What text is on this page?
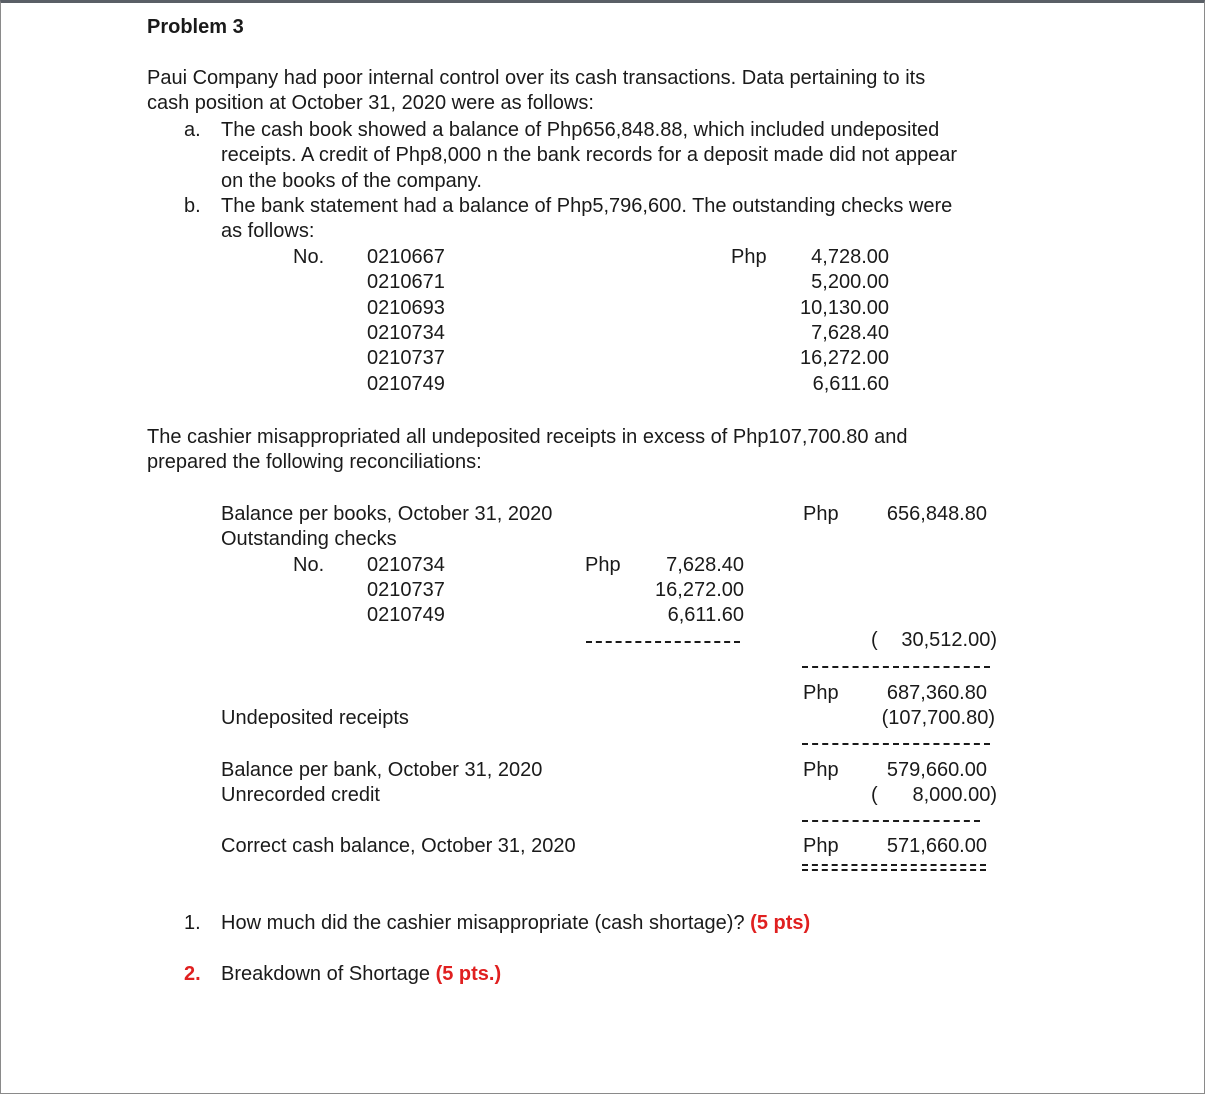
Problem 3
Paui Company had poor internal control over its cash transactions. Data pertaining to its
cash position at October 31, 2020 were as follows:
a. The cash book showed a balance of Php656,848.88, which included undeposited
receipts. A credit of Php8,000 n the bank records for a deposit made did not appear
on the books of the company.
b. The bank statement had a balance of Php5,796,600. The outstanding checks were
as follows:
No.	Php
0210667	4,728.00
0210671	5,200.00
0210693	10,130.00
0210734	7,628.40
0210737	16,272.00
0210749	6,611.60
The cashier misappropriated all undeposited receipts in excess of Php107,700.80 and
prepared the following reconciliations:
Balance per books, October 31, 2020	Php	656,848.80
Outstanding checks
No.	Php
0210734	7,628.40
0210737	16,272.00
0210749	6,611.60
(	30,512.00)
Php	687,360.80
Undeposited receipts	(107,700.80)
Balance per bank, October 31, 2020	Php	579,660.00
Unrecorded credit	(	8,000.00)
Correct cash balance, October 31, 2020	Php	571,660.00
1. How much did the cashier misappropriate (cash shortage)? (5 pts)
2. Breakdown of Shortage (5 pts.)
